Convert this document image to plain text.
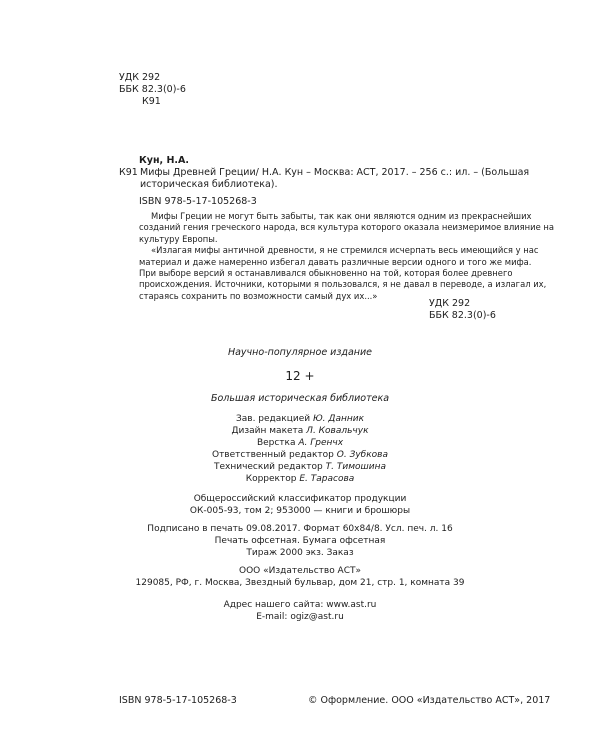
УДК 292
ББК 82.3(0)-6
К91
Кун, Н.А.
К91 Мифы Древней Греции/ Н.А. Кун – Москва: АСТ, 2017. – 256 с.: ил. – (Большая
историческая библиотека).
ISBN 978-5-17-105268-3

Мифы Греции не могут быть забыты, так как они являются одним из прекраснейших
созданий гения греческого народа, вся культура которого оказала неизмеримое влияние на
культуру Европы.

«Излагая мифы античной древности, я не стремился исчерпать весь имеющийся у нас
материал и даже намеренно избегал давать различные версии одного и того же мифа.
При выборе версий я останавливался обыкновенно на той, которая более древнего
происхождения. Источники, которыми я пользовался, я не давал в переводе, а излагал их,
стараясь сохранить по возможности самый дух их...»

УДК 292
ББК 82.3(0)-6
Научно-популярное издание
12 +
Большая историческая библиотека
Зав. редакцией Ю. Данник
Дизайн макета Л. Ковальчук
Верстка А. Гренчх
Ответственный редактор О. Зубкова
Технический редактор Т. Тимошина
Корректор Е. Тарасова
Общероссийский классификатор продукции
ОК-005-93, том 2; 953000 — книги и брошюры
Подписано в печать 09.08.2017. Формат 60х84/8. Усл. печ. л. 16
Печать офсетная. Бумага офсетная
Тираж 2000 экз. Заказ
ООО «Издательство АСТ»
129085, РФ, г. Москва, Звездный бульвар, дом 21, стр. 1, комната 39
Адрес нашего сайта: www.ast.ru
E-mail: ogiz@ast.ru
ISBN 978-5-17-105268-3	© Оформление. ООО «Издательство АСТ», 2017
